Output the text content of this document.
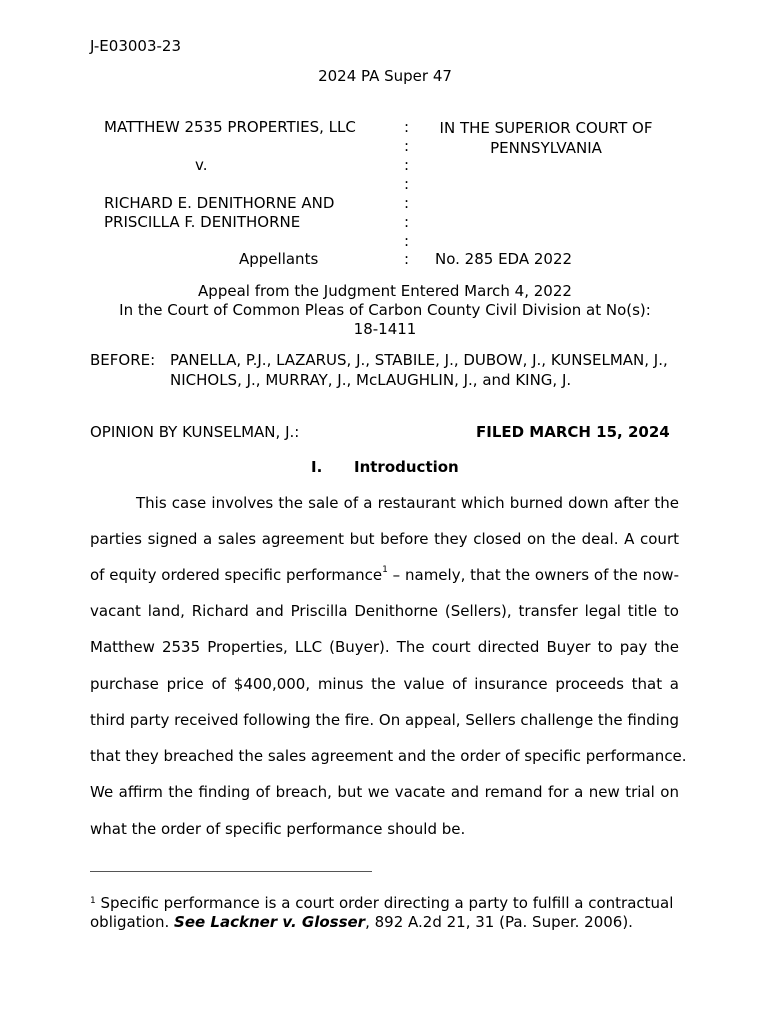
J-E03003-23
2024 PA Super 47
MATTHEW 2535 PROPERTIES, LLC
v.
RICHARD E. DENITHORNE AND
PRISCILLA F. DENITHORNE
Appellants
:
:
:
:
:
:
:
:
IN THE SUPERIOR COURT OF
PENNSYLVANIA
No. 285 EDA 2022
Appeal from the Judgment Entered March 4, 2022
In the Court of Common Pleas of Carbon County Civil Division at No(s):
18-1411
BEFORE: PANELLA, P.J., LAZARUS, J., STABILE, J., DUBOW, J., KUNSELMAN, J., NICHOLS, J., MURRAY, J., McLAUGHLIN, J., and KING, J.
OPINION BY KUNSELMAN, J.:	FILED MARCH 15, 2024
I. Introduction
This case involves the sale of a restaurant which burned down after the
parties signed a sales agreement but before they closed on the deal. A court
of equity ordered specific performance$^1$ – namely, that the owners of the now-
vacant land, Richard and Priscilla Denithorne (Sellers), transfer legal title to
Matthew 2535 Properties, LLC (Buyer). The court directed Buyer to pay the
purchase price of $400,000, minus the value of insurance proceeds that a
third party received following the fire. On appeal, Sellers challenge the finding
that they breached the sales agreement and the order of specific performance.
We affirm the finding of breach, but we vacate and remand for a new trial on
what the order of specific performance should be.
$^1$ Specific performance is a court order directing a party to fulfill a contractual
obligation. See Lackner v. Glosser, 892 A.2d 21, 31 (Pa. Super. 2006).
